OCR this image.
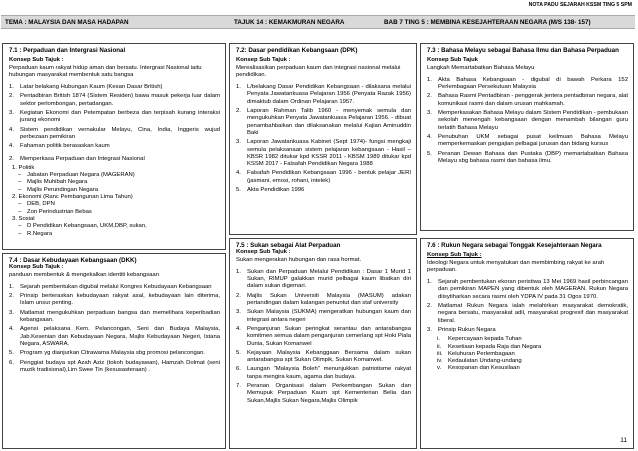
NOTA PADU SEJARAH KSSM TING 5 SPM
TEMA : MALAYSIA DAN MASA HADAPAN	TAJUK 14 : KEMAKMURAN NEGARA	BAB 7 TING 5 : MEMBINA KESEJAHTERAAN NEGARA (M/S 138- 157)
7.1 : Perpaduan dan Intergrasi Nasional

Konsep Sub Tajuk :

Perpaduan kaum rakyat hidup aman dan bersatu. Intergrasi Nasional iaitu hubungan masyarakat membentuk satu bangsa

1. Latar belakang Hubungan Kaum (Kesan Dasar British)
2. Pentadbiran British 1874 (Sistem Residen) bawa masuk pekerja luar dalam sektor perlombongan, pertadangan.
3. Kegiatan Ekonomi dan Petempatan berbeza dan terpisah kurang interaksi jurang ekonomi
4. Sistem pendidikan vernakular Melayu, Cina, India, Inggeris wujud perbezaan pemikiran
4. Fahaman politik berasaskan kaum
2. Memperkasa Perpaduan dan Integrasi Nasional

1. Politik

– Jabatan Perpaduan Negara (MAGERAN)
– Majlis Muhibah Negara
– Majlis Perundingan Negara

2. Ekonomi (Ranc Pembangunan Lima Tahun)

– DEB, DPN
– Zon Perindustrian Bebas

3. Sosial

– D Pendidikan Kebangsaan, UKM,DBP, sukan,
– R.Negara
7.4 : Dasar Kebudayaan Kebangsaan (DKK)

Konsep Sub Tajuk :

panduan membentuk & mengekalkan identiti kebangsaan

1. Sejarah pembentukan digubal melalui Kongres Kebudayaan Kebangsaan
2. Prinsip berteraskan kebudayaan rakyat asal, kebudayaan lain diterima, Islam unsur penting.
3. Matlamat mengukuhkan perpaduan bangsa dan memelihara keperibadian kebangsaan.
4. Agensi pelaksana Kem. Pelancongan, Seni dan Budaya Malaysia, Jab.Kesenian dan Kebudayaan Negara, Majlis Kebudayaan Negeri, Istana Negara, ASWARA.
5. Program yg dianjurkan Citrawarna Malaysia sbg promosi pelancongan.
6. Penggiat budaya spt Azah Aziz (tokoh budayawan), Hamzah Dolmat (seni muzik tradisional),Lim Swee Tin (kesusasteraan) .
7.2: Dasar pendidikan Kebangsaan (DPK)

Konsep Sub Tajuk :

Merealisasikan perpaduan kaum dan integrasi nasional melalui pendidikan.

1. L/belakang Dasar Pendidikan Kebangsaan - dilaksana melalui Penyata Jawatankuasa Pelajaran 1956 (Penyata Razak 1956) dimaktub dalam Ordinan Pelajaran 1957.
2. Laporan Rahman Talib 1960 - menyemak semula dan mengukuhkan Penyata Jawatankuasa Pelajaran 1956. - dibuat penambahbaikan dan dilaksanakan melalui Kajian Aminuddin Baki
3. Laporan Jawatankuasa Kabinet (Sept 1974)- fungsi mengkaji semula pelaksanaan sistem pelajaran kebangsaan - Hasil – KBSR 1982 ditukar kpd KSSR 2011 - KBSM 1989 ditukar kpd KSSM 2017 - Falsafah Pendidikan Negara 1988
4. Falsafah Pendidikan Kebangsaan 1996 - bentuk pelajar JERI (jasmani, emosi, rohani, intelek)
5. Akta Pendidikan 1996
7.5 : Sukan sebagai Alat Perpaduan

Konsep Sub Tajuk :

Sukan mengerakan hubungan dan rasa hormat.

1. Sukan dan Perpaduan Melalui Pendidikan : Dasar 1 Murid 1 Sukan, RIMUP galakkan murid pelbagai kaum libatkan diri dalam sukan digemari.
2. Majlis Sukan Universiti Malaysia (MASUM) adakan pertandingan dalam kalangan penuntut dan staf university
3. Sukan Malaysia (SUKMA) mengeratkan hubungan kaum dan integrasi antara negeri
4. Penganjuran Sukan peringkat serantau dan antarabangsa komitmen semua dalam penganjuran cemerlang spt Hoki Piala Dunia, Sukan Komanwel
5. Kejayaan Malaysia Kebanggaan Bersama dalam sukan antarabangsa spt Sukan Olimpik, Sukan Komanwel.
6. Laungan "Malaysia Boleh" menunjukkan patriotisme rakyat tanpa mengira kaum, agama dan budaya.
7. Peranan Organisasi dalam Perkembangan Sukan dan Memupuk Perpaduan Kaum spt Kementerian Belia dan Sukan,Majlis Sukan Negara,Majlis Olimpik
7.3 : Bahasa Melayu sebagai Bahasa Ilmu dan Bahasa Perpaduan

Konsep Sub Tajuk

Langkah Memartabatkan Bahasa Melayu

1. Akta Bahasa Kebangsaan - digubal di bawah Perkara 152 Perlembagaan Persekutuan Malaysia
2. Bahasa Rasmi Pentadbiran - penggerak jentera pentadbiran negara, alat komunikasi rasmi dan dalam urusan mahkamah.
3. Memperkasakan Bahasa Melayu dalam Sistem Pendidikan - pembukaan sekolah menengah kebangsaan dengan menambah bilangan guru terlatih Bahasa Melayu
4. Penubuhan UKM sebagai pusat keilmuan Bahasa Melayu memperkemaskan pengajian pelbagai jurusan dan bidang kursus
5. Peranan Dewan Bahasa dan Pustaka (DBP) memartabatkan Bahasa Melayu sbg bahasa rasmi dan bahasa ilmu.
7.6 : Rukun Negara sebagai Tonggak Kesejahteraan Negara

Konsep Sub Tajuk :

Ideologi Negara untuk menyatukan dan membimbing rakyat ke arah perpaduan.

1. Sejarah pembentukan ekoran peristiwa 13 Mei 1969 hasil perbincangan dan pemikiran MAPEN yang dibentuk oleh MAGERAN. Rukun Negara diisytiharkan secara rasmi oleh YDPA IV pada 31 Ogos 1970.
2. Matlamat Rukun Negara ialah melahirkan masyarakat demokratik, negara bersatu, masyarakat adil, masyarakat progresif dan masyarakat liberal.
3. Prinsip Rukun Negara
i. Kepercayaan kepada Tuhan
ii. Kesetiaan kepada Raja dan Negara
iii. Keluhuran Perlembagaan
iv. Kedaulatan Undang-undang
v. Kesopanan dan Kesusilaan
11
